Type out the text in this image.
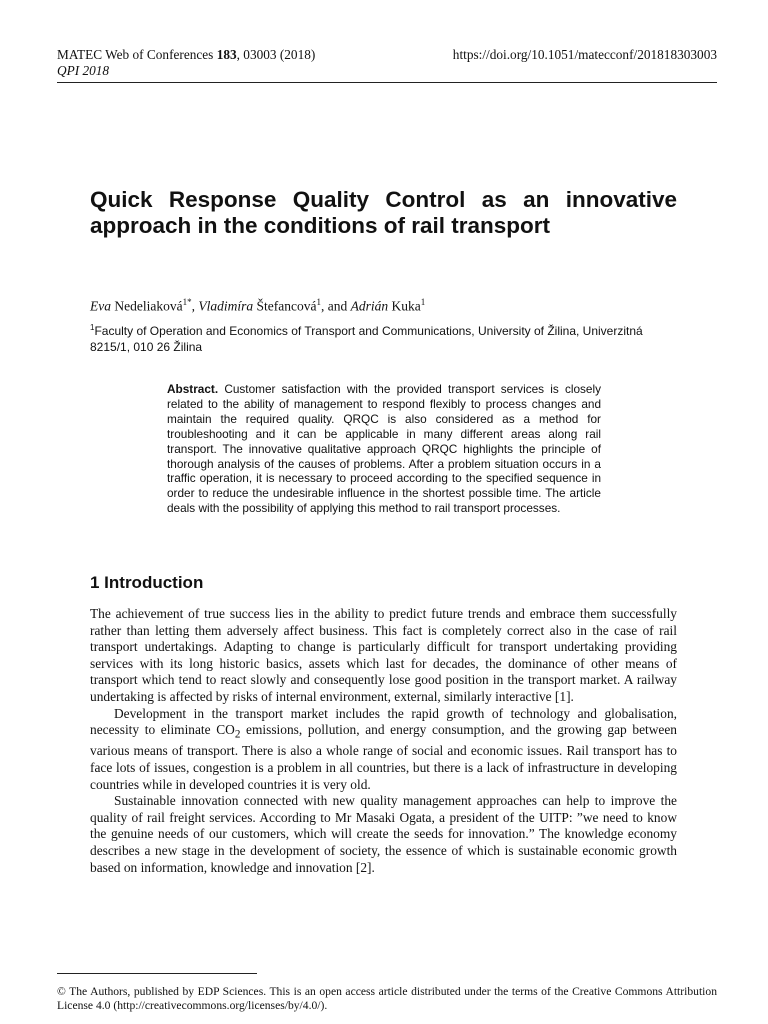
MATEC Web of Conferences 183, 03003 (2018)	https://doi.org/10.1051/matecconf/201818303003
QPI 2018
Quick Response Quality Control as an innovative approach in the conditions of rail transport
Eva Nedeliaková$^{1*}$, Vladimíra Štefancová$^1$, and Adrián Kuka$^1$
$^1$Faculty of Operation and Economics of Transport and Communications, University of Žilina, Univerzitná 8215/1, 010 26 Žilina
Abstract. Customer satisfaction with the provided transport services is closely related to the ability of management to respond flexibly to process changes and maintain the required quality. QRQC is also considered as a method for troubleshooting and it can be applicable in many different areas along rail transport. The innovative qualitative approach QRQC highlights the principle of thorough analysis of the causes of problems. After a problem situation occurs in a traffic operation, it is necessary to proceed according to the specified sequence in order to reduce the undesirable influence in the shortest possible time. The article deals with the possibility of applying this method to rail transport processes.
1 Introduction

The achievement of true success lies in the ability to predict future trends and embrace them successfully rather than letting them adversely affect business. This fact is completely correct also in the case of rail transport undertakings. Adapting to change is particularly difficult for transport undertaking providing services with its long historic basics, assets which last for decades, the dominance of other means of transport which tend to react slowly and consequently lose good position in the transport market. A railway undertaking is affected by risks of internal environment, external, similarly interactive [1].

Development in the transport market includes the rapid growth of technology and globalisation, necessity to eliminate $CO_2$ emissions, pollution, and energy consumption, and the growing gap between various means of transport. There is also a whole range of social and economic issues. Rail transport has to face lots of issues, congestion is a problem in all countries, but there is a lack of infrastructure in developing countries while in developed countries it is very old.

Sustainable innovation connected with new quality management approaches can help to improve the quality of rail freight services. According to Mr Masaki Ogata, a president of the UITP: ”we need to know the genuine needs of our customers, which will create the seeds for innovation.” The knowledge economy describes a new stage in the development of society, the essence of which is sustainable economic growth based on information, knowledge and innovation [2].

© The Authors, published by EDP Sciences. This is an open access article distributed under the terms of the Creative Commons Attribution License 4.0 (http://creativecommons.org/licenses/by/4.0/).
